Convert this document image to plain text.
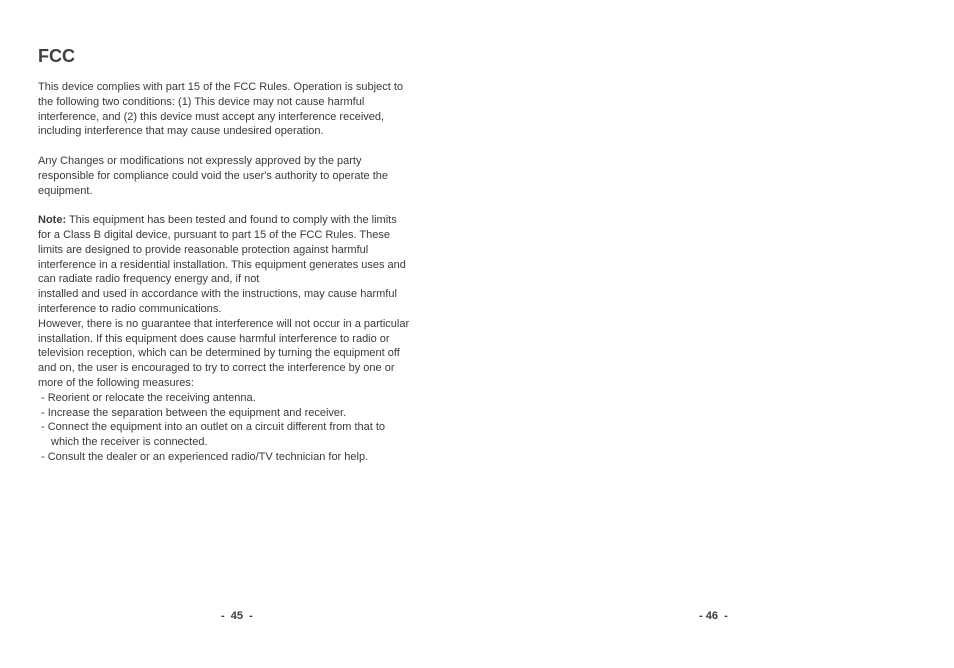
FCC

This device complies with part 15 of the FCC Rules. Operation is subject to
the following two conditions: (1) This device may not cause harmful
interference, and (2) this device must accept any interference received,
including interference that may cause undesired operation.

Any Changes or modifications not expressly approved by the party
responsible for compliance could void the user's authority to operate the
equipment.

Note: This equipment has been tested and found to comply with the limits
for a Class B digital device, pursuant to part 15 of the FCC Rules. These
limits are designed to provide reasonable protection against harmful
interference in a residential installation. This equipment generates uses and
can radiate radio frequency energy and, if not
installed and used in accordance with the instructions, may cause harmful
interference to radio communications.
However, there is no guarantee that interference will not occur in a particular
installation. If this equipment does cause harmful interference to radio or
television reception, which can be determined by turning the equipment off
and on, the user is encouraged to try to correct the interference by one or
more of the following measures:
- Reorient or relocate the receiving antenna.
- Increase the separation between the equipment and receiver.
- Connect the equipment into an outlet on a circuit different from that to
which the receiver is connected.
- Consult the dealer or an experienced radio/TV technician for help.
-  45  -	- 46  -
